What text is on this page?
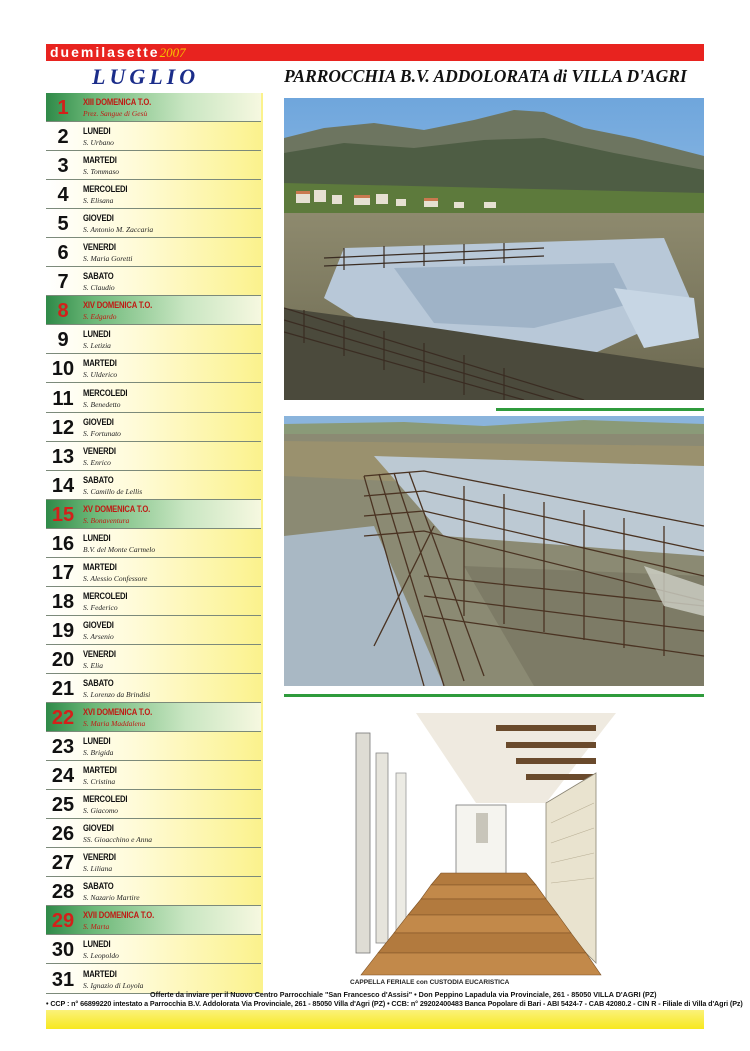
duemilasette2007
LUGLIO	PARROCCHIA B.V. ADDOLORATA di VILLA D'AGRI
1	XIII DOMENICA T.O.
Prez. Sangue di Gesù
2	LUNEDI
S. Urbano
3	MARTEDI
S. Tommaso
4	MERCOLEDI
S. Elisana
5	GIOVEDI
S. Antonio M. Zaccaria
6	VENERDI
S. Maria Goretti
7	SABATO
S. Claudio
8	XIV DOMENICA T.O.
S. Edgardo
9	LUNEDI
S. Letizia
10 MARTEDI
S. Ulderico
11	MERCOLEDI
S. Benedetto
12 GIOVEDI
S. Fortunato
13 VENERDI
S. Enrico
14 SABATO
S. Camillo de Lellis
15 XV DOMENICA T.O.
S. Bonaventura
16 LUNEDI
B.V. del Monte Carmelo
17 MARTEDI
S. Alessio Confessore
18 MERCOLEDI
S. Federico
19 GIOVEDI
S. Arsenio
20 VENERDI
S. Elia
21 SABATO
S. Lorenzo da Brindisi
22 XVI DOMENICA T.O.
S. Maria Maddalena
23 LUNEDI
S. Brigida
24 MARTEDI
S. Cristina
25 MERCOLEDI
S. Giacomo
26 GIOVEDI
SS. Gioacchino e Anna
27 VENERDI
S. Liliana
28 SABATO
S. Nazario Martire
29 XVII DOMENICA T.O.
S. Marta
30 LUNEDI
S. Leopoldo
31 MARTEDI
S. Ignazio di Loyola	CAPPELLA FERIALE con CUSTODIA EUCARISTICA
Offerte da inviare per il Nuovo Centro Parrocchiale "San Francesco d'Assisi" • Don Peppino Lapadula via Provinciale, 261 - 85050 VILLA D'AGRI (PZ)
• CCP : n° 66899220 intestato a Parrocchia B.V. Addolorata Via Provinciale, 261 - 85050 Villa d'Agri (PZ) • CCB: n° 29202400483 Banca Popolare di Bari - ABI 5424-7 - CAB 42080.2 - CIN R - Filiale di Villa d'Agri (Pz)
